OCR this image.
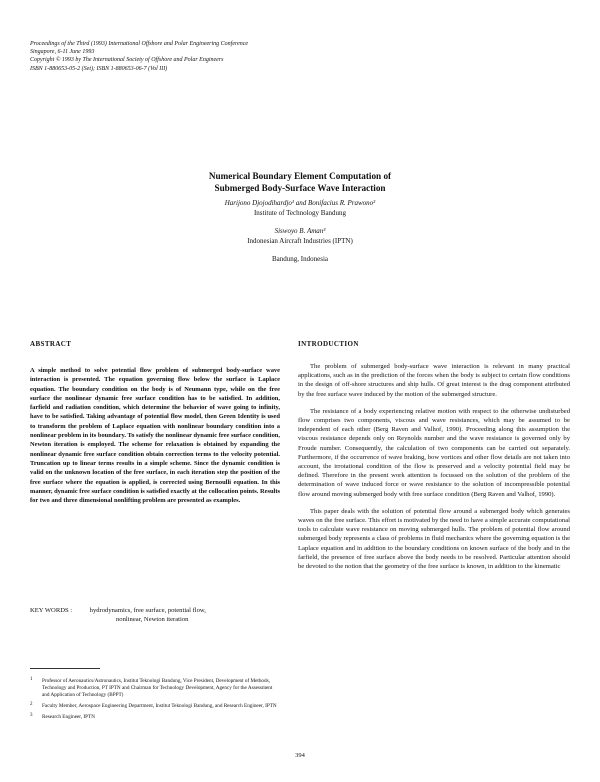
Proceedings of the Third (1993) International Offshore and Polar Engineering Conference
Singapore, 6-11 June 1993
Copyright © 1993 by The International Society of Offshore and Polar Engineers
ISBN 1-880653-05-2 (Set); ISBN 1-880653-06-7 (Vol III)
Numerical Boundary Element Computation of
Submerged Body-Surface Wave Interaction
Harijono Djojodihardjo¹ and Bonifacius R. Prawono²
Institute of Technology Bandung
Siswoyo B. Aman³
Indonesian Aircraft Industries (IPTN)
Bandung, Indonesia
ABSTRACT
A simple method to solve potential flow problem of submerged body-surface wave interaction is presented. The equation governing flow below the surface is Laplace equation. The boundary condition on the body is of Neumann type, while on the free surface the nonlinear dynamic free surface condition has to be satisfied. In addition, farfield and radiation condition, which determine the behavior of wave going to infinity, have to be satisfied. Taking advantage of potential flow model, then Green Identity is used to transform the problem of Laplace equation with nonlinear boundary condition into a nonlinear problem in its boundary. To satisfy the nonlinear dynamic free surface condition, Newton iteration is employed. The scheme for relaxation is obtained by expanding the nonlinear dynamic free surface condition obtain correction terms to the velocity potential. Truncation up to linear terms results in a simple scheme. Since the dynamic condition is valid on the unknown location of the free surface, in each iteration step the position of the free surface where the equation is applied, is corrected using Bernoulli equation. In this manner, dynamic free surface condition is satisfied exactly at the collocation points. Results for two and three dimensional nonlifting problem are presented as examples.
KEY WORDS :	hydrodynamics, free surface, potential flow,
nonlinear, Newton iteration
1 Professor of Aeronautics/Astronautics, Institut Teknologi Bandung, Vice President, Development of Methods, Technology and Production, PT IPTN and Chairman for Technology Development, Agency for the Assessment and Application of Technology (BPPT)
2 Faculty Member, Aerospace Engineering Department, Institut Teknologi Bandung, and Research Engineer, IPTN
3 Research Engineer, IPTN
INTRODUCTION

The problem of submerged body-surface wave interaction is relevant in many practical applications, such as in the prediction of the forces when the body is subject to certain flow conditions in the design of off-shore structures and ship hulls. Of great interest is the drag component attributed by the free surface wave induced by the motion of the submerged structure.

The resistance of a body experiencing relative motion with respect to the otherwise undisturbed flow comprises two components, viscous and wave resistances, which may be assumed to be independent of each other (Berg Raven and Valhof, 1990). Proceeding along this assumption the viscous resistance depends only on Reynolds number and the wave resistance is governed only by Froude number. Consequently, the calculation of two components can be carried out separately. Furthermore, if the occurrence of wave braking, bow vortices and other flow details are not taken into account, the irrotational condition of the flow is preserved and a velocity potential field may be defined. Therefore in the present work attention is focussed on the solution of the problem of the determination of wave induced force or wave resistance to the solution of incompressible potential flow around moving submerged body with free surface condition (Berg Raven and Valhof, 1990).

This paper deals with the solution of potential flow around a submerged body which generates waves on the free surface. This effort is motivated by the need to have a simple accurate computational tools to calculate wave resistance on moving submerged hulls. The problem of potential flow around submerged body represents a class of problems in fluid mechanics where the governing equation is the Laplace equation and in addition to the boundary conditions on known surface of the body and in the farfield, the presence of free surface above the body needs to be resolved. Particular attention should be devoted to the notion that the geometry of the free surface is known, in addition to the kinematic

394
